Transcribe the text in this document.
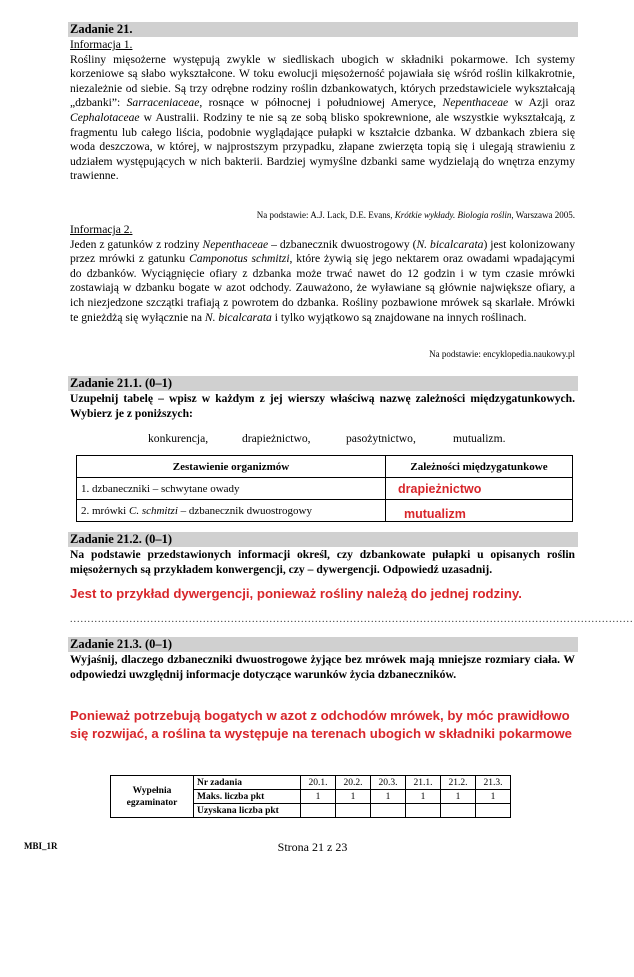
Zadanie 21.
Informacja 1.
Rośliny mięsożerne występują zwykle w siedliskach ubogich w składniki pokarmowe. Ich systemy korzeniowe są słabo wykształcone. W toku ewolucji mięsożerność pojawiała się wśród roślin kilkakrotnie, niezależnie od siebie. Są trzy odrębne rodziny roślin dzbankowatych, których przedstawiciele wykształcają „dzbanki”: Sarraceniaceae, rosnące w północnej i południowej Ameryce, Nepenthaceae w Azji oraz Cephalotaceae w Australii. Rodziny te nie są ze sobą blisko spokrewnione, ale wszystkie wykształcają, z fragmentu lub całego liścia, podobnie wyglądające pułapki w kształcie dzbanka. W dzbankach zbiera się woda deszczowa, w której, w najprostszym przypadku, złapane zwierzęta topią się i ulegają strawieniu z udziałem występujących w nich bakterii. Bardziej wymyślne dzbanki same wydzielają do wnętrza enzymy trawienne.
Na podstawie: A.J. Lack, D.E. Evans, Krótkie wykłady. Biologia roślin, Warszawa 2005.
Informacja 2.
Jeden z gatunków z rodziny Nepenthaceae – dzbanecznik dwuostrogowy (N. bicalcarata) jest kolonizowany przez mrówki z gatunku Camponotus schmitzi, które żywią się jego nektarem oraz owadami wpadającymi do dzbanków. Wyciągnięcie ofiary z dzbanka może trwać nawet do 12 godzin i w tym czasie mrówki zostawiają w dzbanku bogate w azot odchody. Zauważono, że wyławiane są głównie największe ofiary, a ich niezjedzone szczątki trafiają z powrotem do dzbanka. Rośliny pozbawione mrówek są skarlałe. Mrówki te gnieżdżą się wyłącznie na N. bicalcarata i tylko wyjątkowo są znajdowane na innych roślinach.
Na podstawie: encyklopedia.naukowy.pl
Zadanie 21.1. (0–1)
Uzupełnij tabelę – wpisz w każdym z jej wierszy właściwą nazwę zależności międzygatunkowych. Wybierz je z poniższych:
konkurencja,	drapieżnictwo,	pasożytnictwo,	mutualizm.
Zestawienie organizmów	Zależności międzygatunkowe
1. dzbaneczniki – schwytane owady	drapieżnictwo
2. mrówki C. schmitzi – dzbanecznik dwuostrogowy	mutualizm
Zadanie 21.2. (0–1)
Na podstawie przedstawionych informacji określ, czy dzbankowate pułapki u opisanych roślin mięsożernych są przykładem konwergencji, czy – dywergencji. Odpowiedź uzasadnij.
Jest to przykład dywergencji, ponieważ rośliny należą do jednej rodziny.
.................................................................................................................................................................
Zadanie 21.3. (0–1)
Wyjaśnij, dlaczego dzbaneczniki dwuostrogowe żyjące bez mrówek mają mniejsze rozmiary ciała. W odpowiedzi uwzględnij informacje dotyczące warunków życia dzbaneczników.
Ponieważ potrzebują bogatych w azot z odchodów mrówek, by móc prawidłowo się rozwijać, a roślina ta występuje na terenach ubogich w składniki pokarmowe
Wypełnia
egzaminator	Nr zadania	20.1.	20.2.	20.3.	21.1.	21.2.	21.3.
	Maks. liczba pkt	1	1	1	1	1	1
	Uzyskana liczba pkt						
MBI_1R	Strona 21 z 23
